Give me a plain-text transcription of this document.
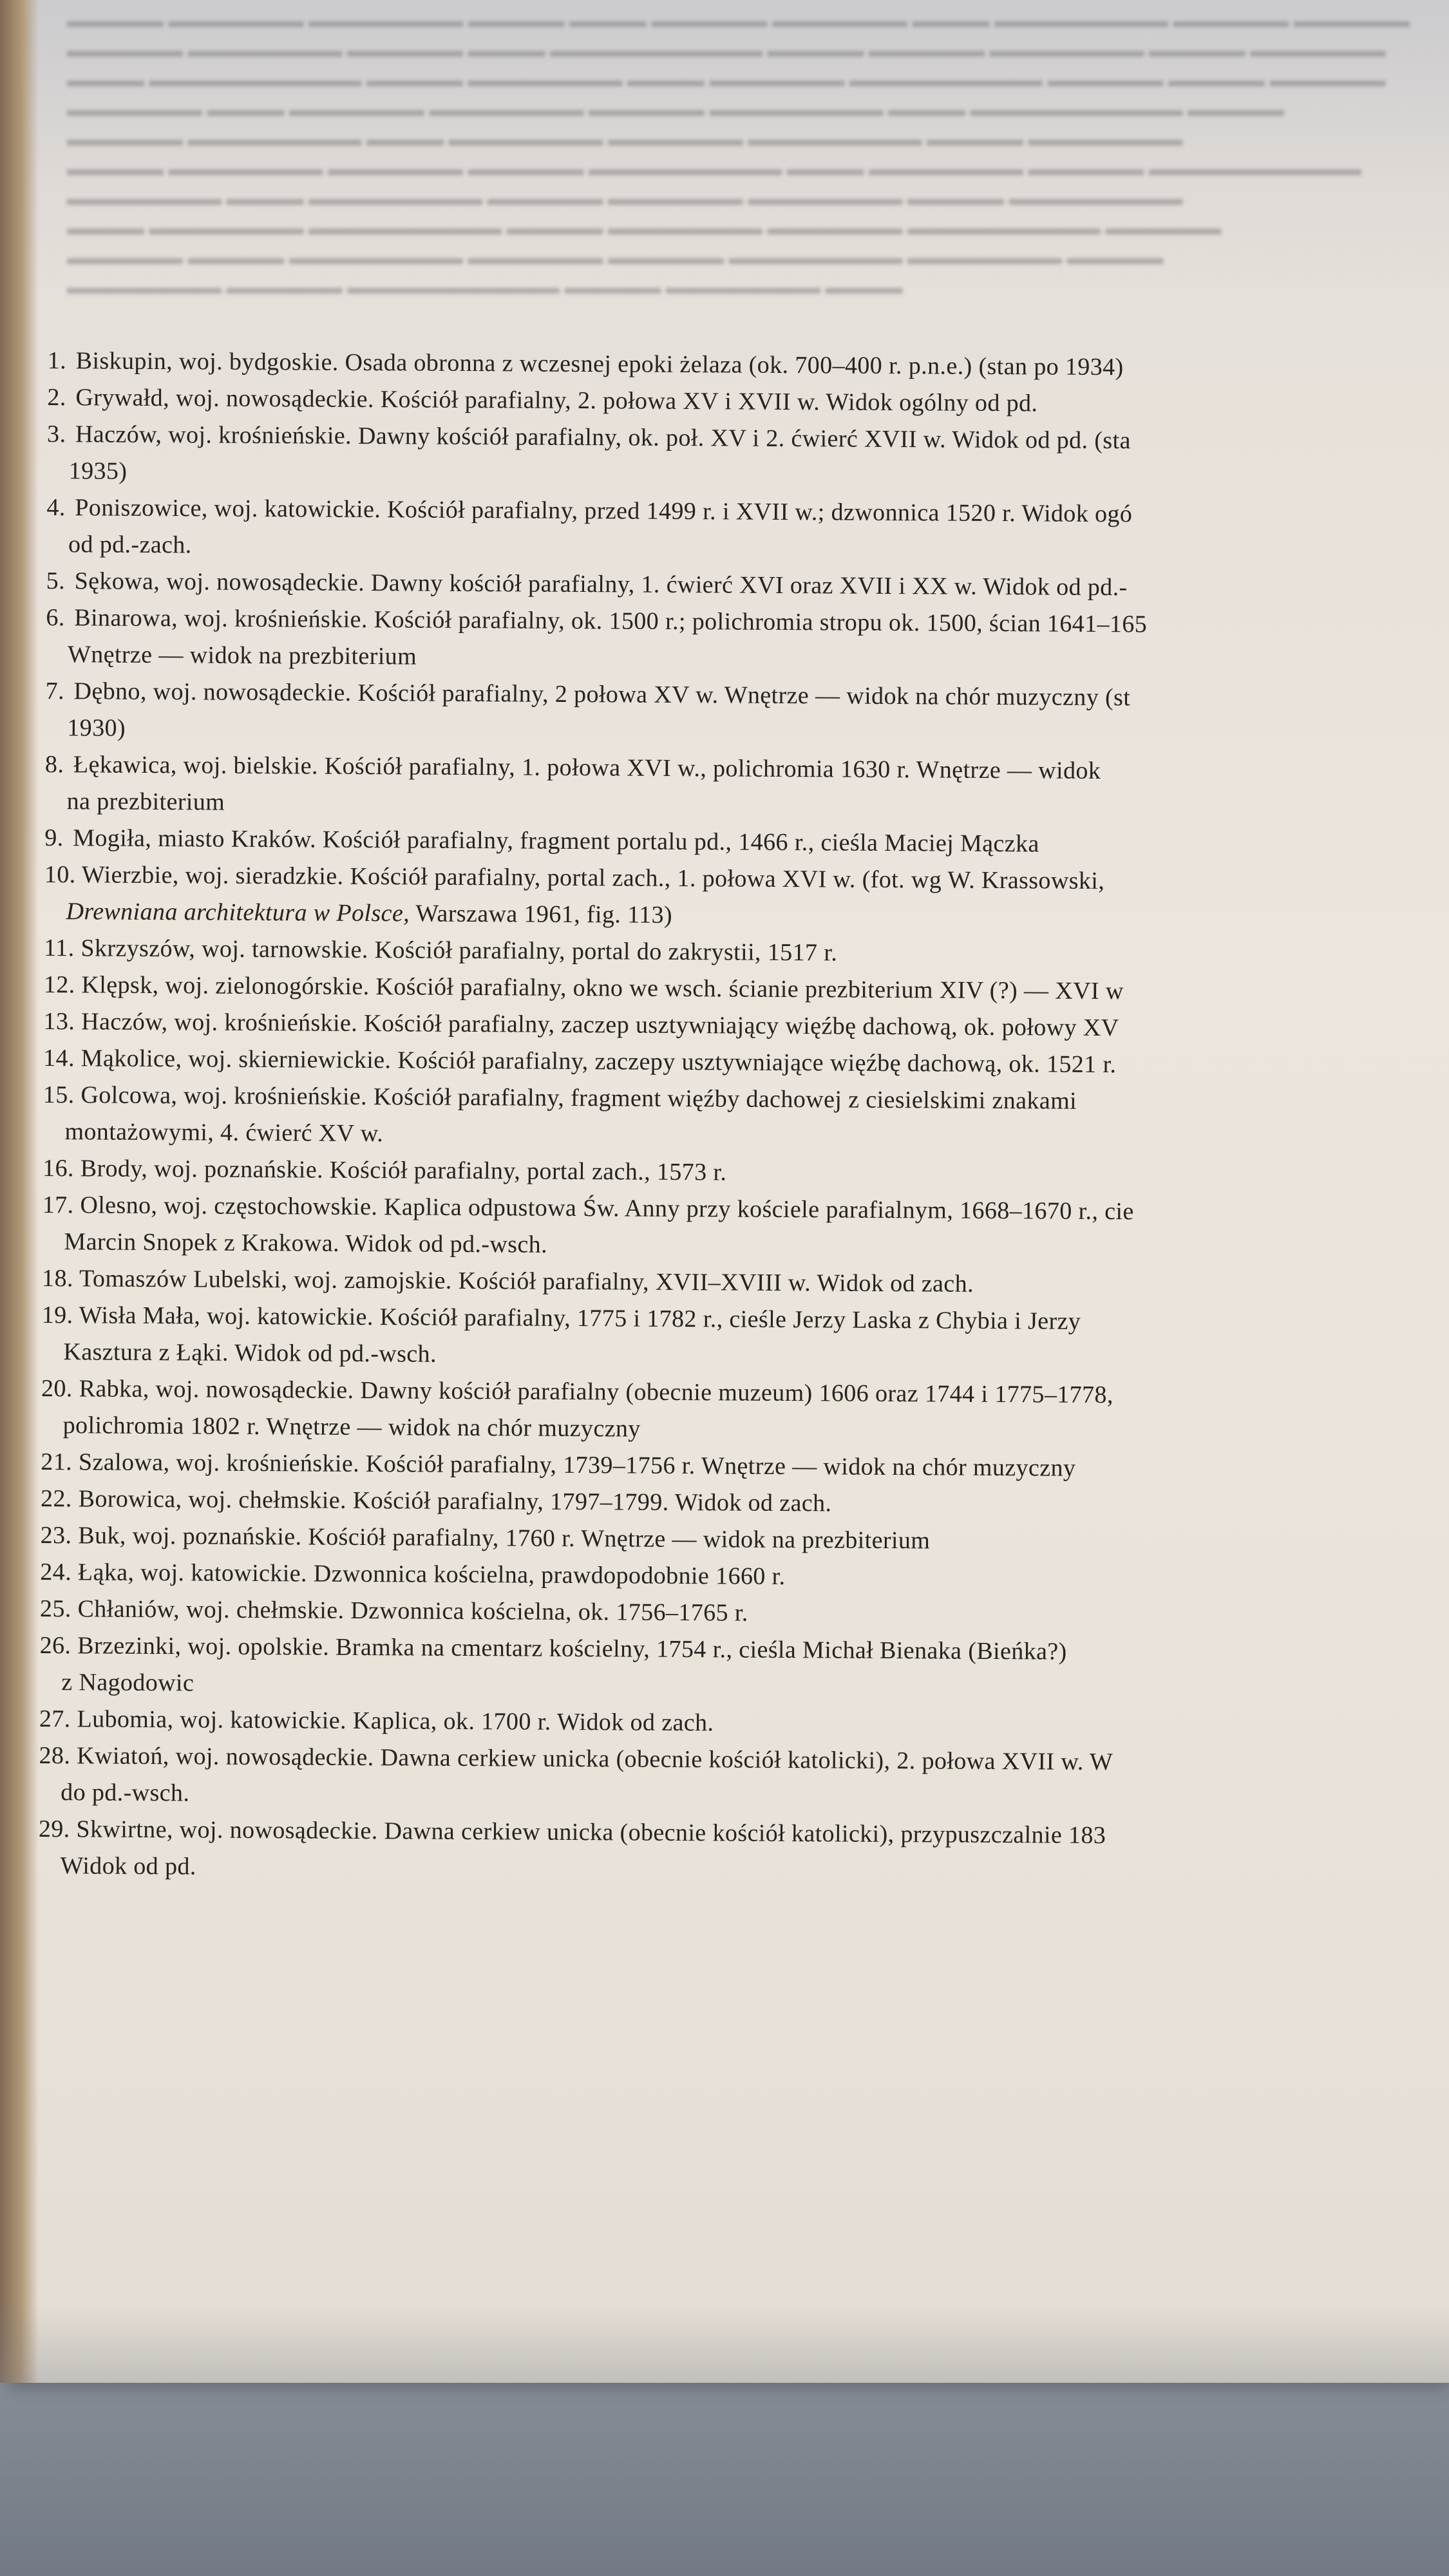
▬▬▬▬▬ ▬▬▬▬▬▬▬ ▬▬▬▬▬▬▬▬ ▬▬▬▬▬ ▬▬▬▬ ▬▬▬▬▬▬ ▬▬▬▬▬▬▬ ▬▬▬▬ ▬▬▬▬▬▬▬▬▬ ▬▬▬▬▬▬ ▬▬▬▬▬▬
▬▬▬▬▬▬ ▬▬▬▬▬▬▬▬ ▬▬▬▬▬▬ ▬▬▬▬ ▬▬▬▬▬▬▬▬▬▬▬ ▬▬▬▬▬ ▬▬▬▬▬▬ ▬▬▬▬▬▬▬▬ ▬▬▬▬▬ ▬▬▬▬▬▬▬
▬▬▬▬ ▬▬▬▬▬▬▬▬▬▬▬ ▬▬▬▬▬ ▬▬▬▬▬▬▬▬ ▬▬▬▬ ▬▬▬▬▬▬▬ ▬▬▬▬▬▬▬▬▬▬ ▬▬▬▬▬▬ ▬▬▬▬▬ ▬▬▬▬▬▬
▬▬▬▬▬▬▬ ▬▬▬▬ ▬▬▬▬▬▬▬ ▬▬▬▬▬▬▬▬ ▬▬▬▬▬▬ ▬▬▬▬▬▬▬▬▬ ▬▬▬▬ ▬▬▬▬▬▬▬▬▬▬▬ ▬▬▬▬▬
▬▬▬▬▬▬ ▬▬▬▬▬▬▬▬▬ ▬▬▬▬ ▬▬▬▬▬▬▬▬ ▬▬▬▬▬▬▬ ▬▬▬▬▬▬▬▬▬ ▬▬▬▬▬ ▬▬▬▬▬▬▬▬
▬▬▬▬▬ ▬▬▬▬▬▬▬▬ ▬▬▬▬▬▬▬ ▬▬▬▬▬▬ ▬▬▬▬▬▬▬▬▬▬ ▬▬▬▬ ▬▬▬▬▬▬▬▬ ▬▬▬▬▬▬ ▬▬▬▬▬▬▬▬▬▬▬
▬▬▬▬▬▬▬▬ ▬▬▬▬ ▬▬▬▬▬▬▬▬▬ ▬▬▬▬▬▬ ▬▬▬▬▬▬▬ ▬▬▬▬▬▬▬▬ ▬▬▬▬▬ ▬▬▬▬▬▬▬▬▬
▬▬▬▬ ▬▬▬▬▬▬▬▬ ▬▬▬▬▬▬▬▬▬▬ ▬▬▬▬▬ ▬▬▬▬▬▬▬▬ ▬▬▬▬▬▬▬ ▬▬▬▬▬▬▬▬▬▬ ▬▬▬▬▬▬
▬▬▬▬▬▬ ▬▬▬▬▬ ▬▬▬▬▬▬▬▬▬ ▬▬▬▬▬▬▬ ▬▬▬▬▬▬ ▬▬▬▬▬▬▬▬▬ ▬▬▬▬▬▬▬▬ ▬▬▬▬▬
▬▬▬▬▬▬▬▬ ▬▬▬▬▬▬ ▬▬▬▬▬▬▬▬▬▬▬ ▬▬▬▬▬ ▬▬▬▬▬▬▬▬ ▬▬▬▬
1. Biskupin, woj. bydgoskie. Osada obronna z wczesnej epoki żelaza (ok. 700–400 r. p.n.e.) (stan po 1934)
2. Grywałd, woj. nowosądeckie. Kościół parafialny, 2. połowa XV i XVII w. Widok ogólny od pd.
3. Haczów, woj. krośnieńskie. Dawny kościół parafialny, ok. poł. XV i 2. ćwierć XVII w. Widok od pd. (sta
1935)
4. Poniszowice, woj. katowickie. Kościół parafialny, przed 1499 r. i XVII w.; dzwonnica 1520 r. Widok ogó
od pd.-zach.
5. Sękowa, woj. nowosądeckie. Dawny kościół parafialny, 1. ćwierć XVI oraz XVII i XX w. Widok od pd.-
6. Binarowa, woj. krośnieńskie. Kościół parafialny, ok. 1500 r.; polichromia stropu ok. 1500, ścian 1641–165
Wnętrze — widok na prezbiterium
7. Dębno, woj. nowosądeckie. Kościół parafialny, 2 połowa XV w. Wnętrze — widok na chór muzyczny (st
1930)
8. Łękawica, woj. bielskie. Kościół parafialny, 1. połowa XVI w., polichromia 1630 r. Wnętrze — widok
na prezbiterium
9. Mogiła, miasto Kraków. Kościół parafialny, fragment portalu pd., 1466 r., cieśla Maciej Mączka
10. Wierzbie, woj. sieradzkie. Kościół parafialny, portal zach., 1. połowa XVI w. (fot. wg W. Krassowski,
Drewniana architektura w Polsce, Warszawa 1961, fig. 113)
11. Skrzyszów, woj. tarnowskie. Kościół parafialny, portal do zakrystii, 1517 r.
12. Klępsk, woj. zielonogórskie. Kościół parafialny, okno we wsch. ścianie prezbiterium XIV (?) — XVI w
13. Haczów, woj. krośnieńskie. Kościół parafialny, zaczep usztywniający więźbę dachową, ok. połowy XV
14. Mąkolice, woj. skierniewickie. Kościół parafialny, zaczepy usztywniające więźbę dachową, ok. 1521 r.
15. Golcowa, woj. krośnieńskie. Kościół parafialny, fragment więźby dachowej z ciesielskimi znakami
montażowymi, 4. ćwierć XV w.
16. Brody, woj. poznańskie. Kościół parafialny, portal zach., 1573 r.
17. Olesno, woj. częstochowskie. Kaplica odpustowa Św. Anny przy kościele parafialnym, 1668–1670 r., cie
Marcin Snopek z Krakowa. Widok od pd.-wsch.
18. Tomaszów Lubelski, woj. zamojskie. Kościół parafialny, XVII–XVIII w. Widok od zach.
19. Wisła Mała, woj. katowickie. Kościół parafialny, 1775 i 1782 r., cieśle Jerzy Laska z Chybia i Jerzy
Kasztura z Łąki. Widok od pd.-wsch.
20. Rabka, woj. nowosądeckie. Dawny kościół parafialny (obecnie muzeum) 1606 oraz 1744 i 1775–1778,
polichromia 1802 r. Wnętrze — widok na chór muzyczny
21. Szalowa, woj. krośnieńskie. Kościół parafialny, 1739–1756 r. Wnętrze — widok na chór muzyczny
22. Borowica, woj. chełmskie. Kościół parafialny, 1797–1799. Widok od zach.
23. Buk, woj. poznańskie. Kościół parafialny, 1760 r. Wnętrze — widok na prezbiterium
24. Łąka, woj. katowickie. Dzwonnica kościelna, prawdopodobnie 1660 r.
25. Chłaniów, woj. chełmskie. Dzwonnica kościelna, ok. 1756–1765 r.
26. Brzezinki, woj. opolskie. Bramka na cmentarz kościelny, 1754 r., cieśla Michał Bienaka (Bieńka?)
z Nagodowic
27. Lubomia, woj. katowickie. Kaplica, ok. 1700 r. Widok od zach.
28. Kwiatoń, woj. nowosądeckie. Dawna cerkiew unicka (obecnie kościół katolicki), 2. połowa XVII w. W
do pd.-wsch.
29. Skwirtne, woj. nowosądeckie. Dawna cerkiew unicka (obecnie kościół katolicki), przypuszczalnie 183
Widok od pd.
